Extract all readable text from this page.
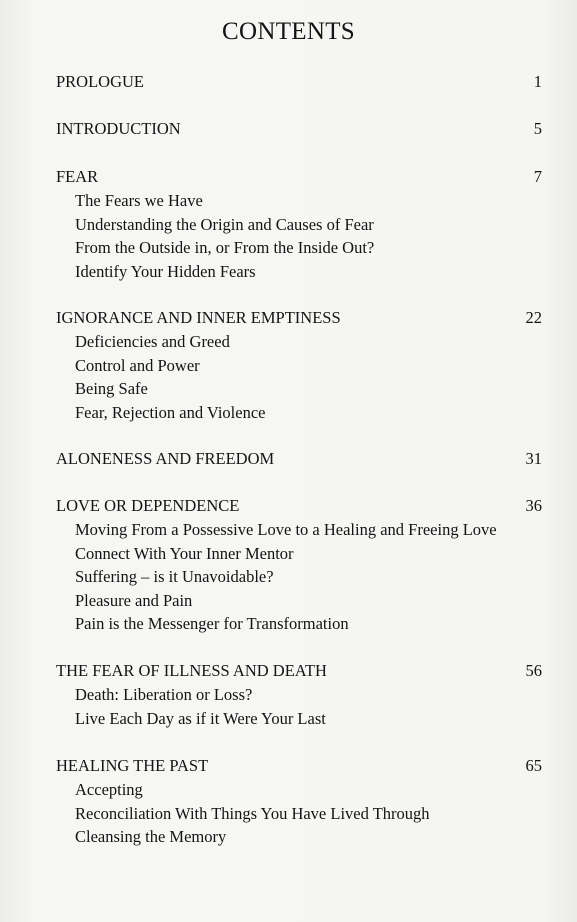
CONTENTS
PROLOGUE	1
INTRODUCTION	5
FEAR	7
The Fears we Have
Understanding the Origin and Causes of Fear
From the Outside in, or From the Inside Out?
Identify Your Hidden Fears
IGNORANCE AND INNER EMPTINESS	22
Deficiencies and Greed
Control and Power
Being Safe
Fear, Rejection and Violence
ALONENESS AND FREEDOM	31
LOVE OR DEPENDENCE	36
Moving From a Possessive Love to a Healing and Freeing Love
Connect With Your Inner Mentor
Suffering – is it Unavoidable?
Pleasure and Pain
Pain is the Messenger for Transformation
THE FEAR OF ILLNESS AND DEATH	56
Death: Liberation or Loss?
Live Each Day as if it Were Your Last
HEALING THE PAST	65
Accepting
Reconciliation With Things You Have Lived Through
Cleansing the Memory
